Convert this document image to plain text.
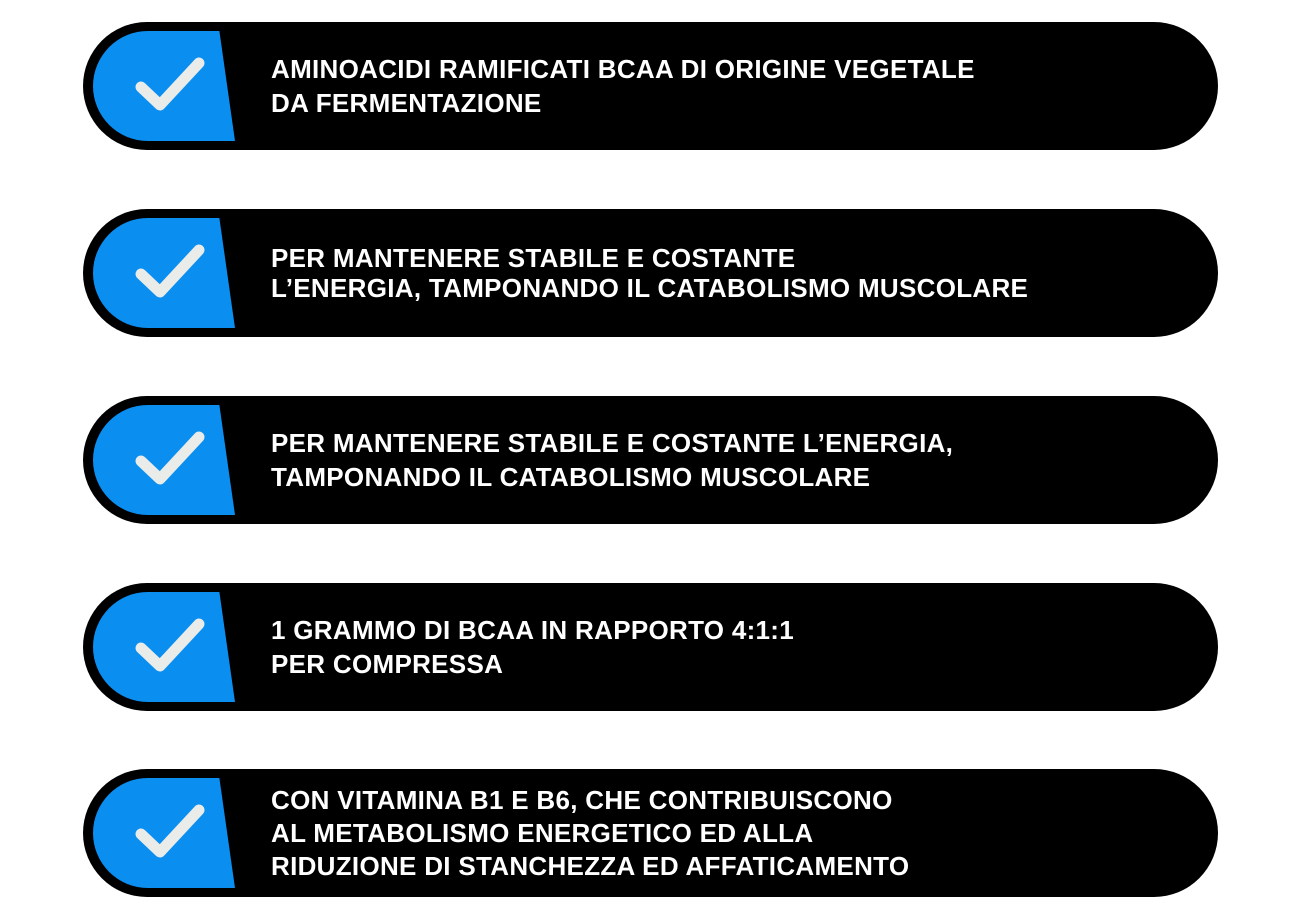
AMINOACIDI RAMIFICATI BCAA DI ORIGINE VEGETALE
DA FERMENTAZIONE
PER MANTENERE STABILE E COSTANTE
L’ENERGIA, TAMPONANDO IL CATABOLISMO MUSCOLARE
PER MANTENERE STABILE E COSTANTE L’ENERGIA,
TAMPONANDO IL CATABOLISMO MUSCOLARE
1 GRAMMO DI BCAA IN RAPPORTO 4:1:1
PER COMPRESSA
CON VITAMINA B1 E B6, CHE CONTRIBUISCONO
AL METABOLISMO ENERGETICO ED ALLA
RIDUZIONE DI STANCHEZZA ED AFFATICAMENTO
